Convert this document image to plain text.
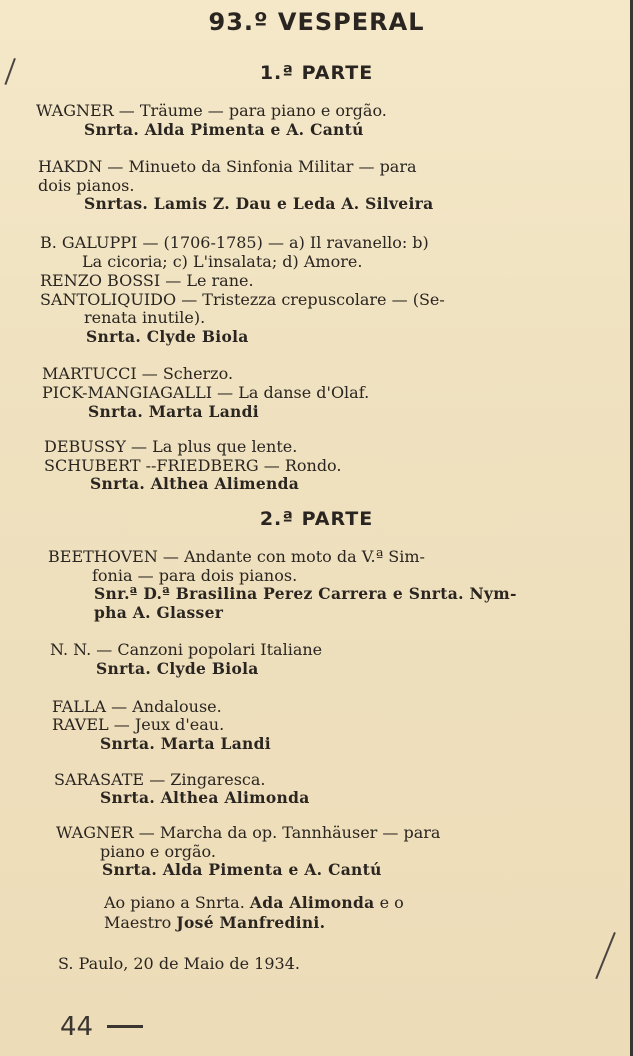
93.º VESPERAL
1.ª PARTE
WAGNER — Träume — para piano e orgão.
Snrta. Alda Pimenta e A. Cantú
HAKDN — Minueto da Sinfonia Militar — para
dois pianos.
Snrtas. Lamis Z. Dau e Leda A. Silveira
B. GALUPPI — (1706-1785) — a) Il ravanello: b)
La cicoria; c) L'insalata; d) Amore.
RENZO BOSSI — Le rane.
SANTOLIQUIDO — Tristezza crepuscolare — (Se-
renata inutile).
Snrta. Clyde Biola
MARTUCCI — Scherzo.
PICK-MANGIAGALLI — La danse d'Olaf.
Snrta. Marta Landi
DEBUSSY — La plus que lente.
SCHUBERT --FRIEDBERG — Rondo.
Snrta. Althea Alimenda
2.ª PARTE
BEETHOVEN — Andante con moto da V.ª Sim-
fonia — para dois pianos.
Snr.ª D.ª Brasilina Perez Carrera e Snrta. Nym-
pha A. Glasser
N. N. — Canzoni popolari Italiane
Snrta. Clyde Biola
FALLA — Andalouse.
RAVEL — Jeux d'eau.
Snrta. Marta Landi
SARASATE — Zingaresca.
Snrta. Althea Alimonda
WAGNER — Marcha da op. Tannhäuser — para
piano e orgão.
Snrta. Alda Pimenta e A. Cantú
Ao piano a Snrta. Ada Alimonda e o
Maestro José Manfredini.
S. Paulo, 20 de Maio de 1934.
44
